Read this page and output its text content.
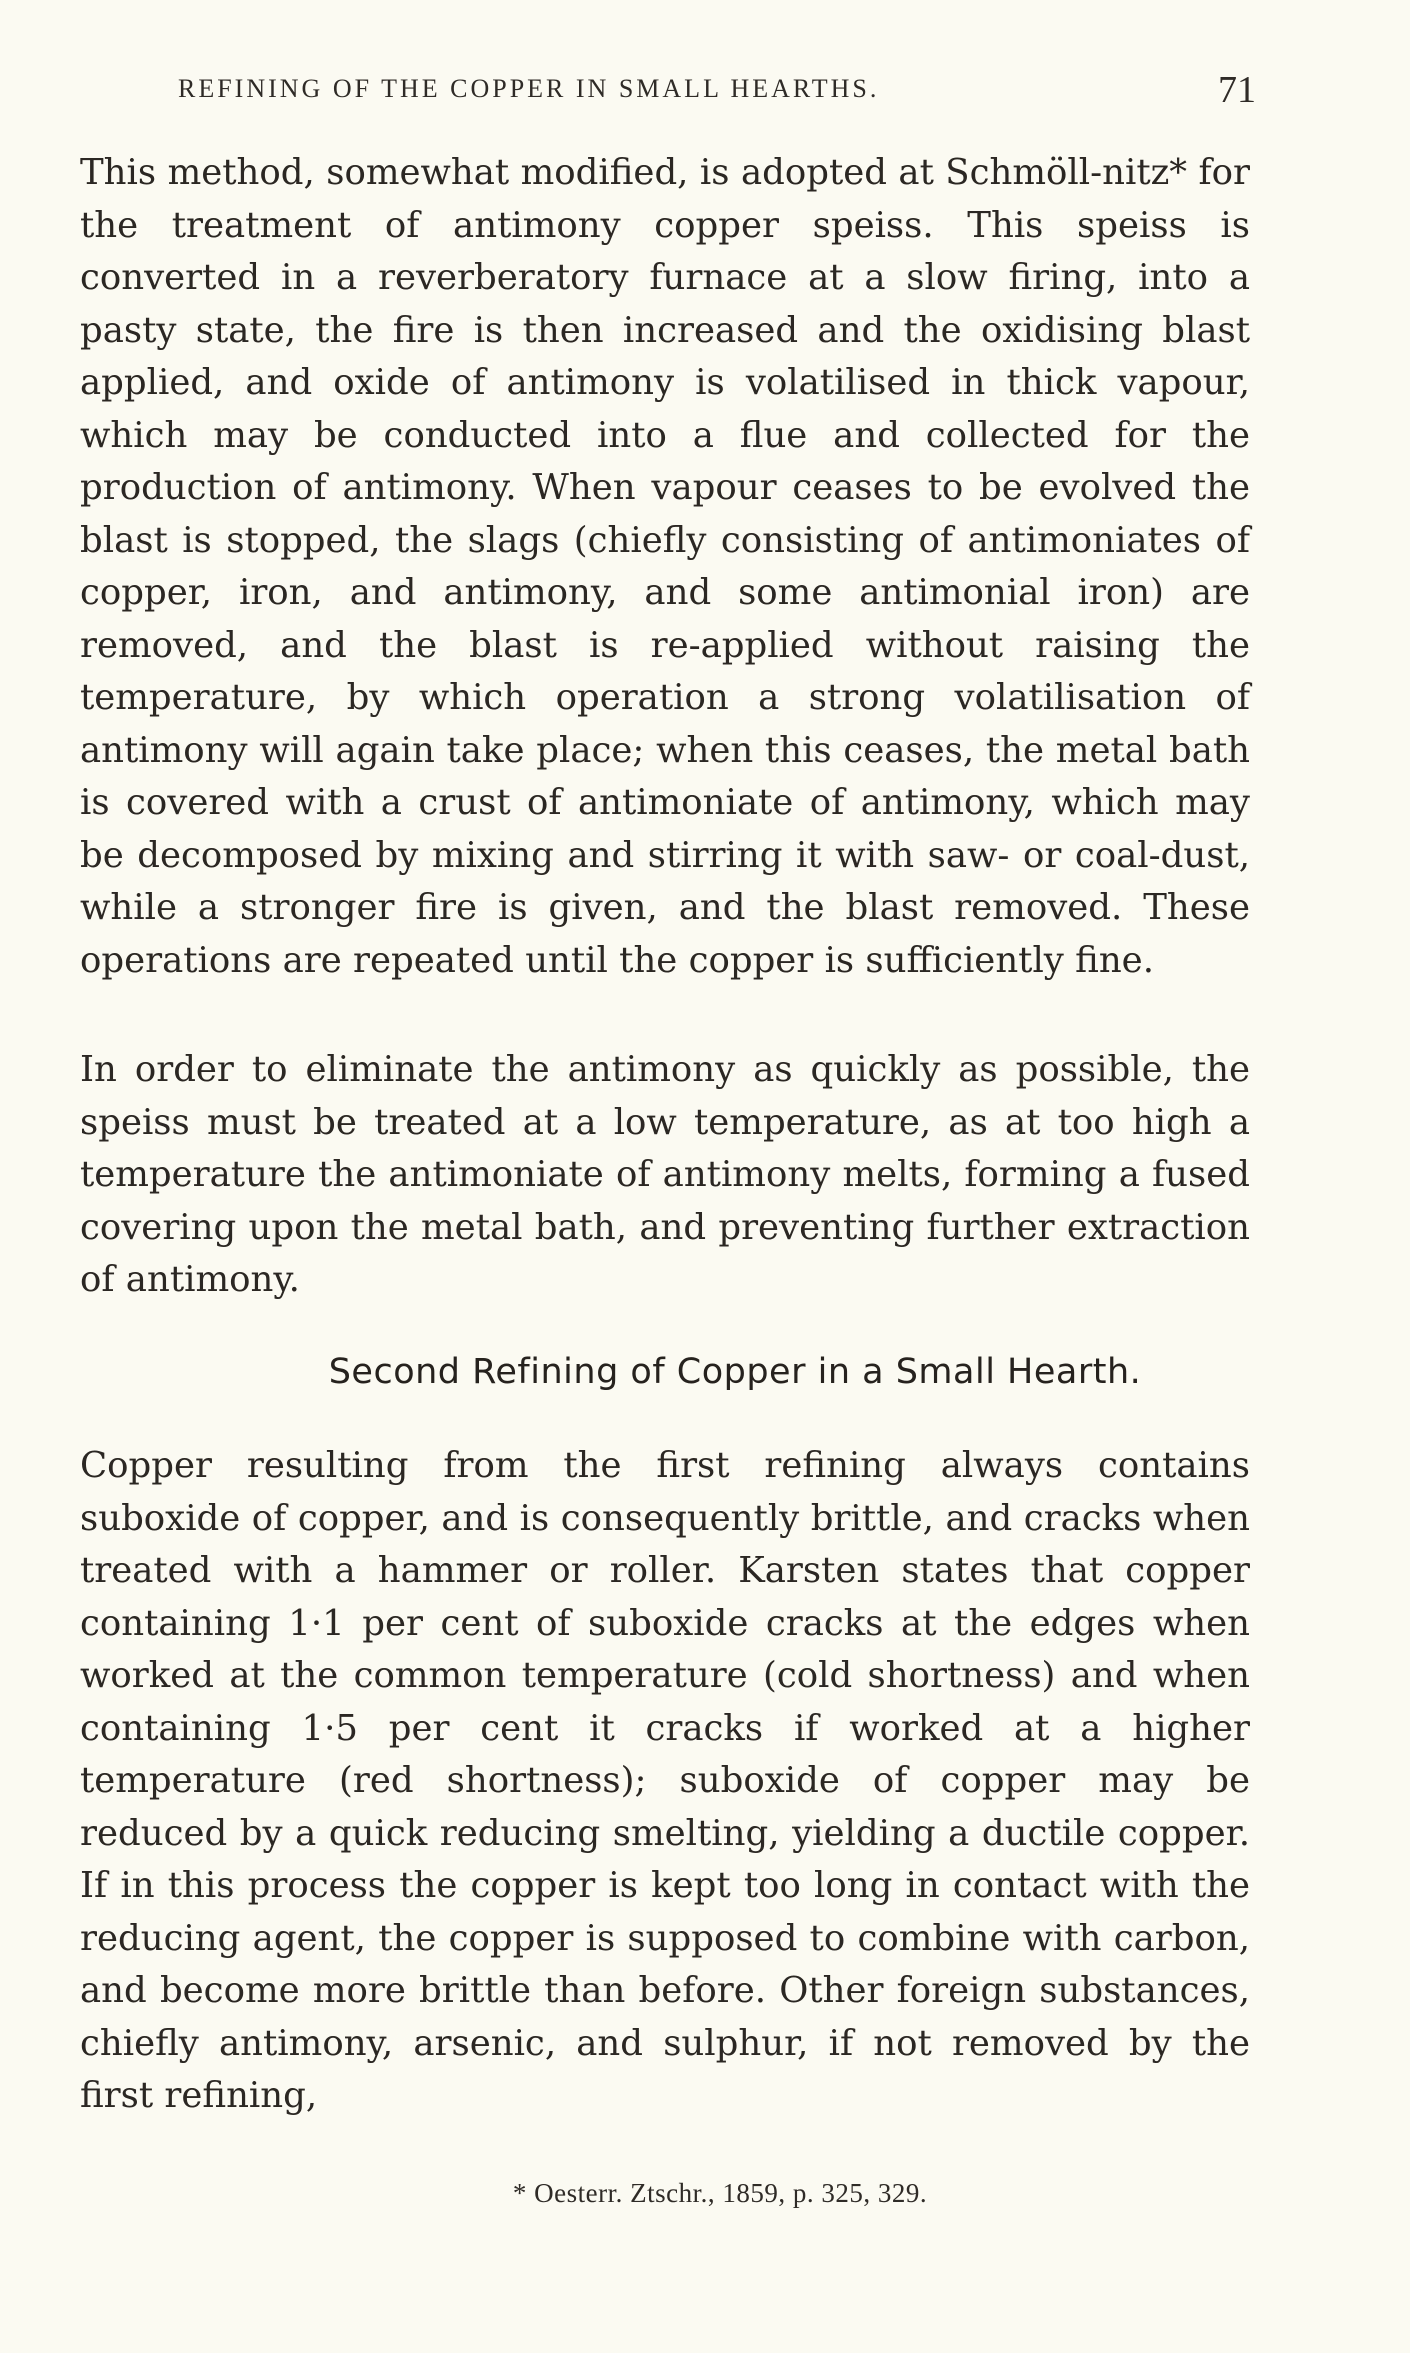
REFINING OF THE COPPER IN SMALL HEARTHS.	71

This method, somewhat modified, is adopted at Schmöll-nitz* for the treatment of antimony copper speiss. This speiss is converted in a reverberatory furnace at a slow firing, into a pasty state, the fire is then increased and the oxidising blast applied, and oxide of antimony is volatilised in thick vapour, which may be conducted into a flue and collected for the production of antimony. When vapour ceases to be evolved the blast is stopped, the slags (chiefly consisting of antimoniates of copper, iron, and antimony, and some antimonial iron) are removed, and the blast is re-applied without raising the temperature, by which operation a strong volatilisation of antimony will again take place; when this ceases, the metal bath is covered with a crust of antimoniate of antimony, which may be decomposed by mixing and stirring it with saw- or coal-dust, while a stronger fire is given, and the blast removed. These operations are repeated until the copper is sufficiently fine.

In order to eliminate the antimony as quickly as possible, the speiss must be treated at a low temperature, as at too high a temperature the antimoniate of antimony melts, forming a fused covering upon the metal bath, and preventing further extraction of antimony.

Second Refining of Copper in a Small Hearth.

Copper resulting from the first refining always contains suboxide of copper, and is consequently brittle, and cracks when treated with a hammer or roller. Karsten states that copper containing 1·1 per cent of suboxide cracks at the edges when worked at the common temperature (cold shortness) and when containing 1·5 per cent it cracks if worked at a higher temperature (red shortness); suboxide of copper may be reduced by a quick reducing smelting, yielding a ductile copper. If in this process the copper is kept too long in contact with the reducing agent, the copper is supposed to combine with carbon, and become more brittle than before. Other foreign substances, chiefly antimony, arsenic, and sulphur, if not removed by the first refining,

* Oesterr. Ztschr., 1859, p. 325, 329.
